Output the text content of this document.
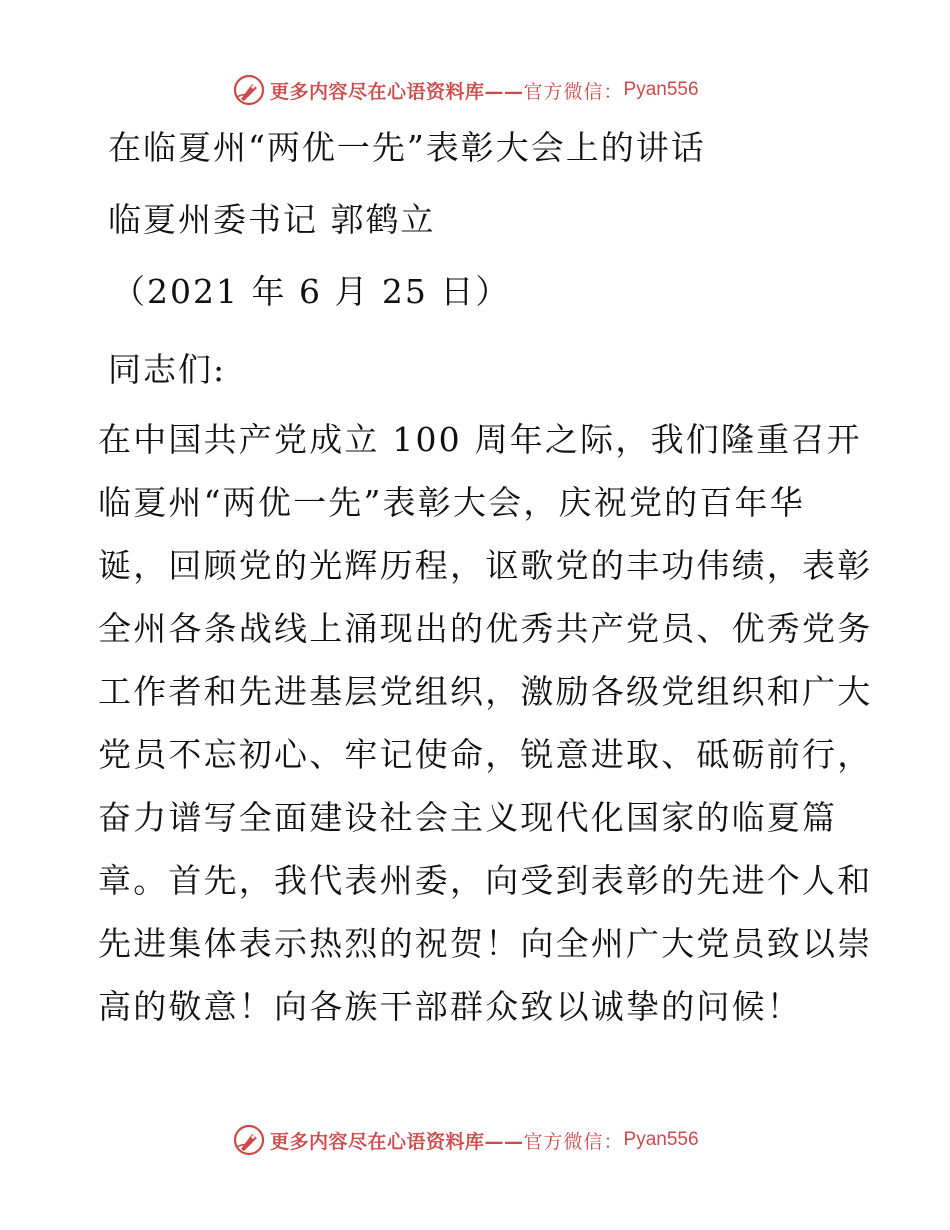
更多内容尽在心语资料库—— 官方微信： Pyan556
在临夏州“两优一先”表彰大会上的讲话
临夏州委书记 郭鹤立
（2021 年 6 月 25 日）
同志们:
在中国共产党成立 100 周年之际，我们隆重召开
临夏州“两优一先”表彰大会，庆祝党的百年华
诞，回顾党的光辉历程，讴歌党的丰功伟绩，表彰
全州各条战线上涌现出的优秀共产党员、优秀党务
工作者和先进基层党组织，激励各级党组织和广大
党员不忘初心、牢记使命，锐意进取、砥砺前行，
奋力谱写全面建设社会主义现代化国家的临夏篇
章。首先，我代表州委，向受到表彰的先进个人和
先进集体表示热烈的祝贺！向全州广大党员致以崇
高的敬意！向各族干部群众致以诚挚的问候！
更多内容尽在心语资料库—— 官方微信： Pyan556
